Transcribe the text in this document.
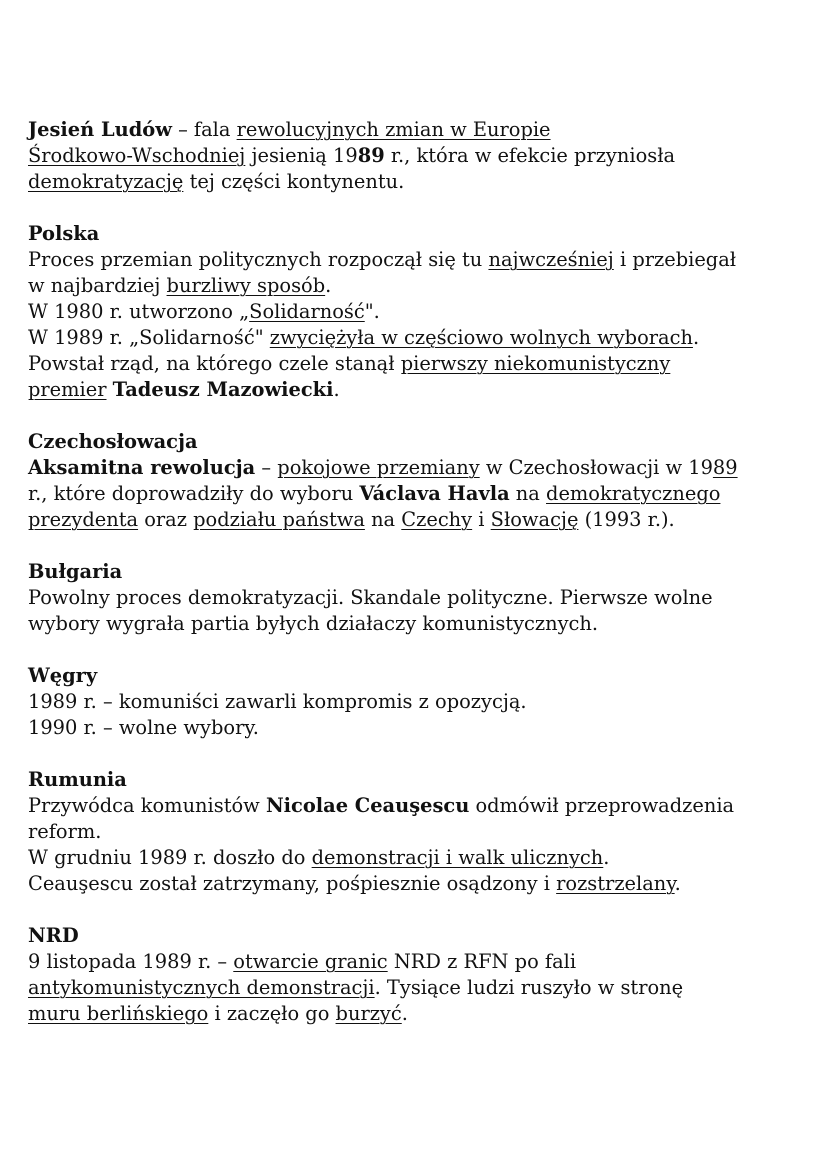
Jesień Ludów – fala rewolucyjnych zmian w Europie
Środkowo-Wschodniej jesienią 1989 r., która w efekcie przyniosła
demokratyzację tej części kontynentu.
Polska
Proces przemian politycznych rozpoczął się tu najwcześniej i przebiegał
w najbardziej burzliwy sposób.
W 1980 r. utworzono „Solidarność".
W 1989 r. „Solidarność" zwyciężyła w częściowo wolnych wyborach.
Powstał rząd, na którego czele stanął pierwszy niekomunistyczny
premier Tadeusz Mazowiecki.
Czechosłowacja
Aksamitna rewolucja – pokojowe przemiany w Czechosłowacji w 1989
r., które doprowadziły do wyboru Václava Havla na demokratycznego
prezydenta oraz podziału państwa na Czechy i Słowację (1993 r.).
Bułgaria
Powolny proces demokratyzacji. Skandale polityczne. Pierwsze wolne
wybory wygrała partia byłych działaczy komunistycznych.
Węgry
1989 r. – komuniści zawarli kompromis z opozycją.
1990 r. – wolne wybory.
Rumunia
Przywódca komunistów Nicolae Ceauşescu odmówił przeprowadzenia
reform.
W grudniu 1989 r. doszło do demonstracji i walk ulicznych.
Ceauşescu został zatrzymany, pośpiesznie osądzony i rozstrzelany.
NRD
9 listopada 1989 r. – otwarcie granic NRD z RFN po fali
antykomunistycznych demonstracji. Tysiące ludzi ruszyło w stronę
muru berlińskiego i zaczęło go burzyć.
